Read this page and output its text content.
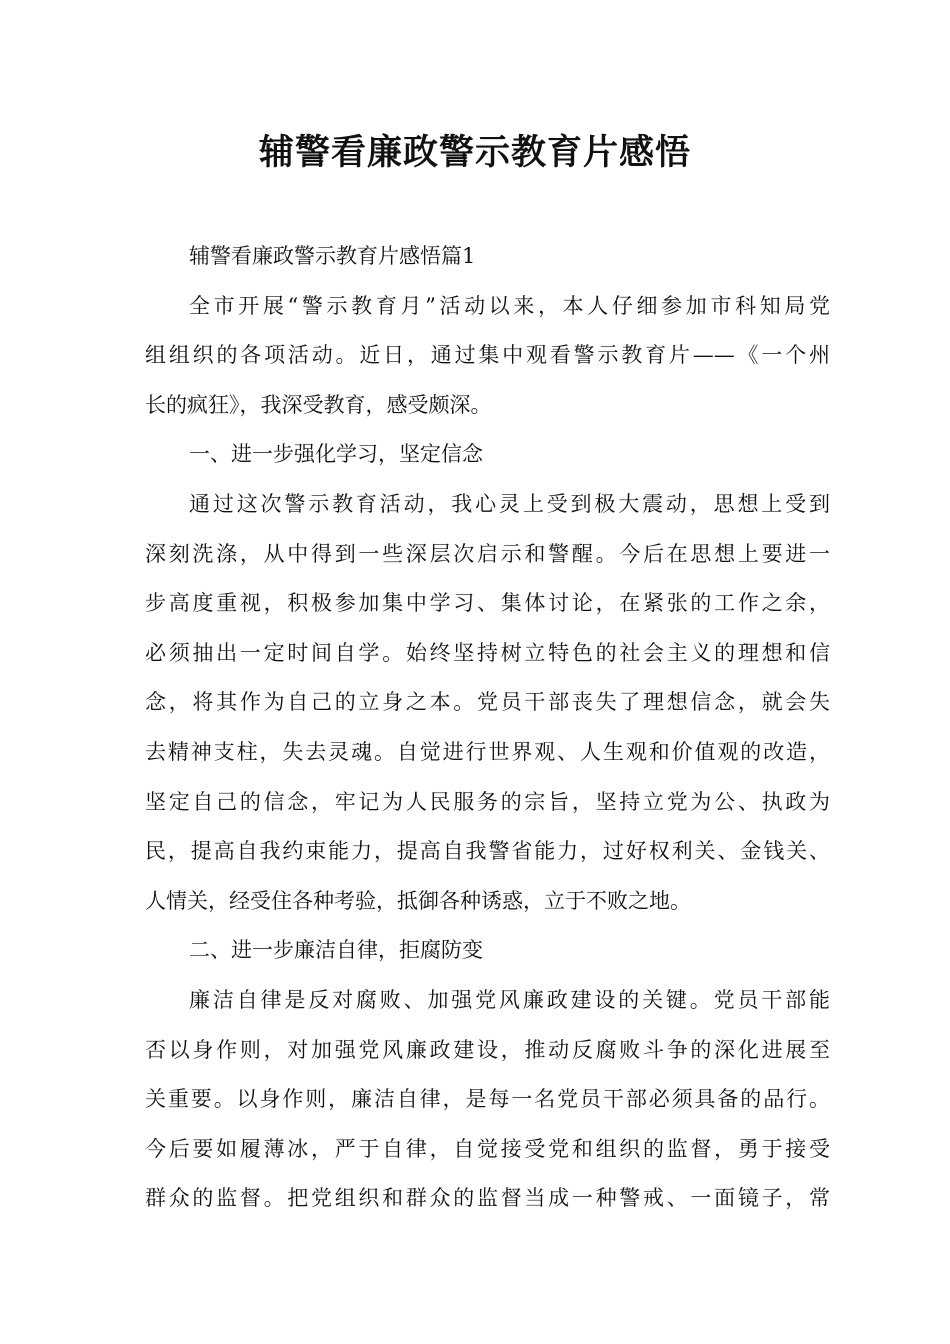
辅警看廉政警示教育片感悟
辅警看廉政警示教育片感悟篇1
全市开展“警示教育月”活动以来，本人仔细参加市科知局党
组组织的各项活动。近日，通过集中观看警示教育片——《一个州
长的疯狂》，我深受教育，感受颇深。
一、进一步强化学习，坚定信念
通过这次警示教育活动，我心灵上受到极大震动，思想上受到
深刻洗涤，从中得到一些深层次启示和警醒。今后在思想上要进一
步高度重视，积极参加集中学习、集体讨论，在紧张的工作之余，
必须抽出一定时间自学。始终坚持树立特色的社会主义的理想和信
念，将其作为自己的立身之本。党员干部丧失了理想信念，就会失
去精神支柱，失去灵魂。自觉进行世界观、人生观和价值观的改造，
坚定自己的信念，牢记为人民服务的宗旨，坚持立党为公、执政为
民，提高自我约束能力，提高自我警省能力，过好权利关、金钱关、
人情关，经受住各种考验，抵御各种诱惑，立于不败之地。
二、进一步廉洁自律，拒腐防变
廉洁自律是反对腐败、加强党风廉政建设的关键。党员干部能
否以身作则，对加强党风廉政建设，推动反腐败斗争的深化进展至
关重要。以身作则，廉洁自律，是每一名党员干部必须具备的品行。
今后要如履薄冰，严于自律，自觉接受党和组织的监督，勇于接受
群众的监督。把党组织和群众的监督当成一种警戒、一面镜子，常
